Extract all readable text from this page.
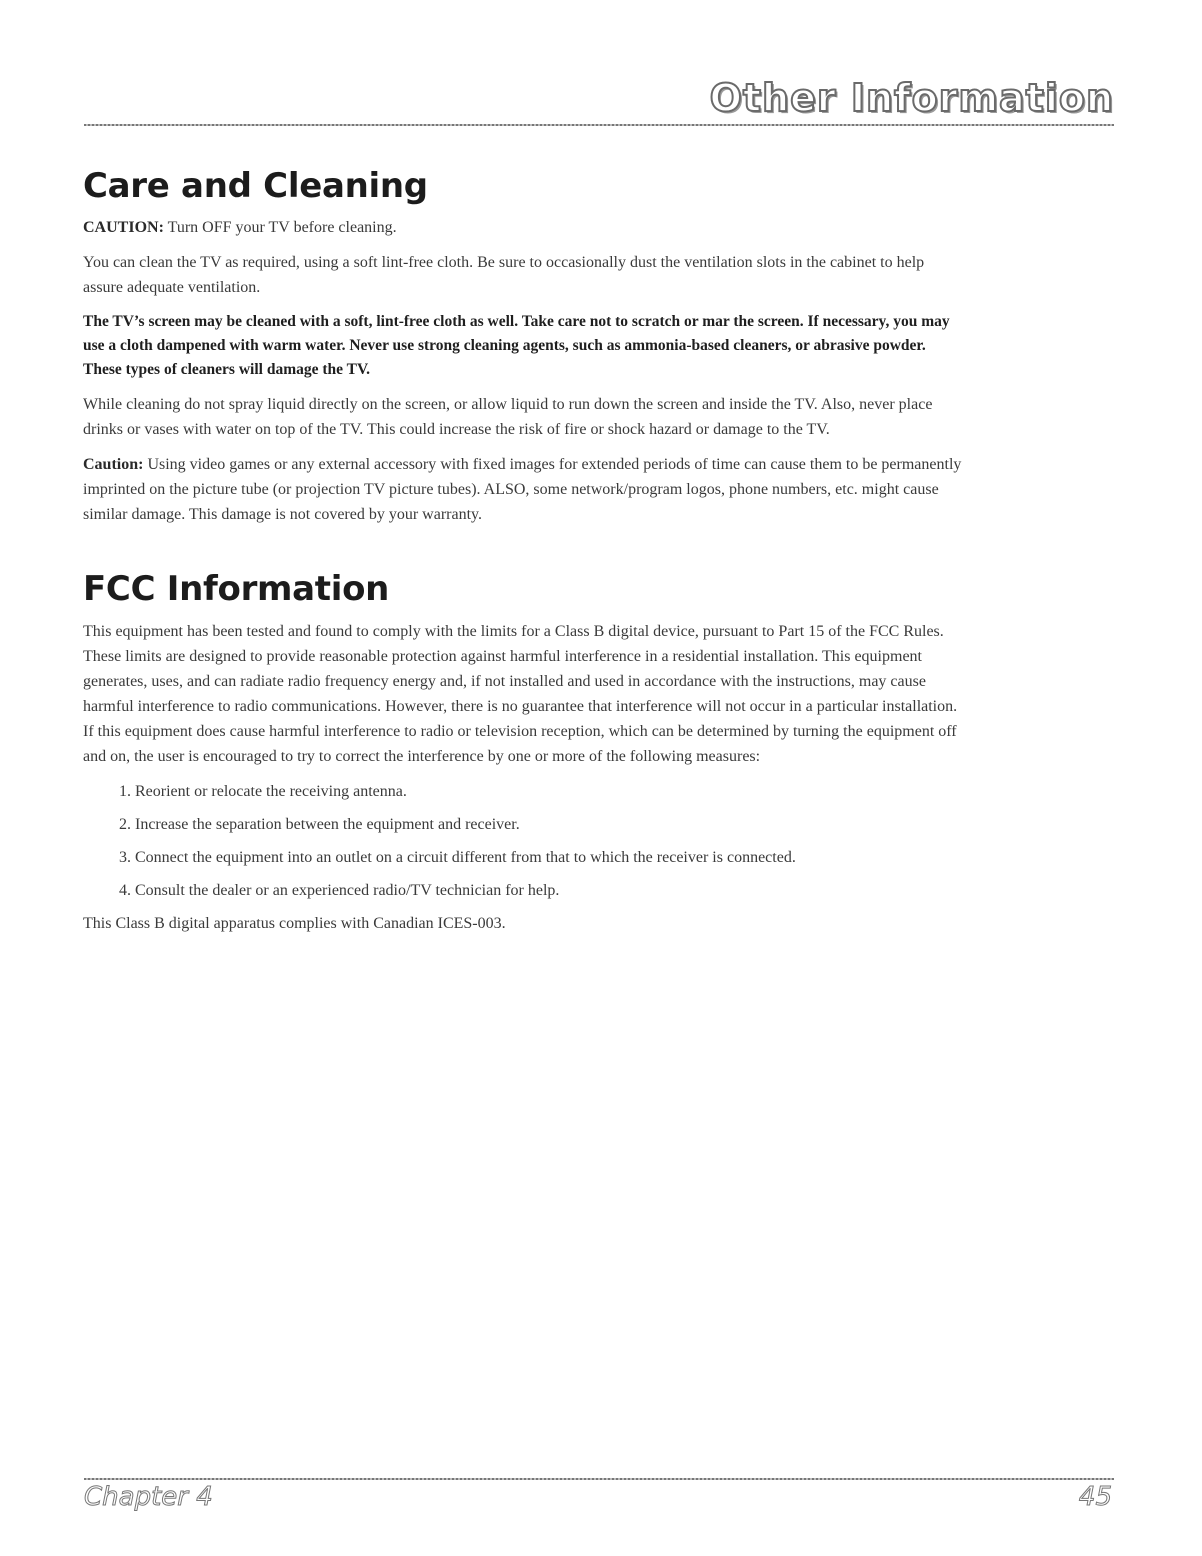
Other Information
Care and Cleaning

CAUTION: Turn OFF your TV before cleaning.

You can clean the TV as required, using a soft lint-free cloth. Be sure to occasionally dust the ventilation slots in the cabinet to help assure adequate ventilation.

The TV’s screen may be cleaned with a soft, lint-free cloth as well. Take care not to scratch or mar the screen. If necessary, you may use a cloth dampened with warm water. Never use strong cleaning agents, such as ammonia-based cleaners, or abrasive powder. These types of cleaners will damage the TV.

While cleaning do not spray liquid directly on the screen, or allow liquid to run down the screen and inside the TV. Also, never place drinks or vases with water on top of the TV. This could increase the risk of fire or shock hazard or damage to the TV.

Caution: Using video games or any external accessory with fixed images for extended periods of time can cause them to be permanently imprinted on the picture tube (or projection TV picture tubes). ALSO, some network/program logos, phone numbers, etc. might cause similar damage. This damage is not covered by your warranty.

FCC Information

This equipment has been tested and found to comply with the limits for a Class B digital device, pursuant to Part 15 of the FCC Rules. These limits are designed to provide reasonable protection against harmful interference in a residential installation. This equipment generates, uses, and can radiate radio frequency energy and, if not installed and used in accordance with the instructions, may cause harmful interference to radio communications. However, there is no guarantee that interference will not occur in a particular installation. If this equipment does cause harmful interference to radio or television reception, which can be determined by turning the equipment off and on, the user is encouraged to try to correct the interference by one or more of the following measures:

1. Reorient or relocate the receiving antenna.
2. Increase the separation between the equipment and receiver.
3. Connect the equipment into an outlet on a circuit different from that to which the receiver is connected.
4. Consult the dealer or an experienced radio/TV technician for help.

This Class B digital apparatus complies with Canadian ICES-003.

Chapter 4	45
